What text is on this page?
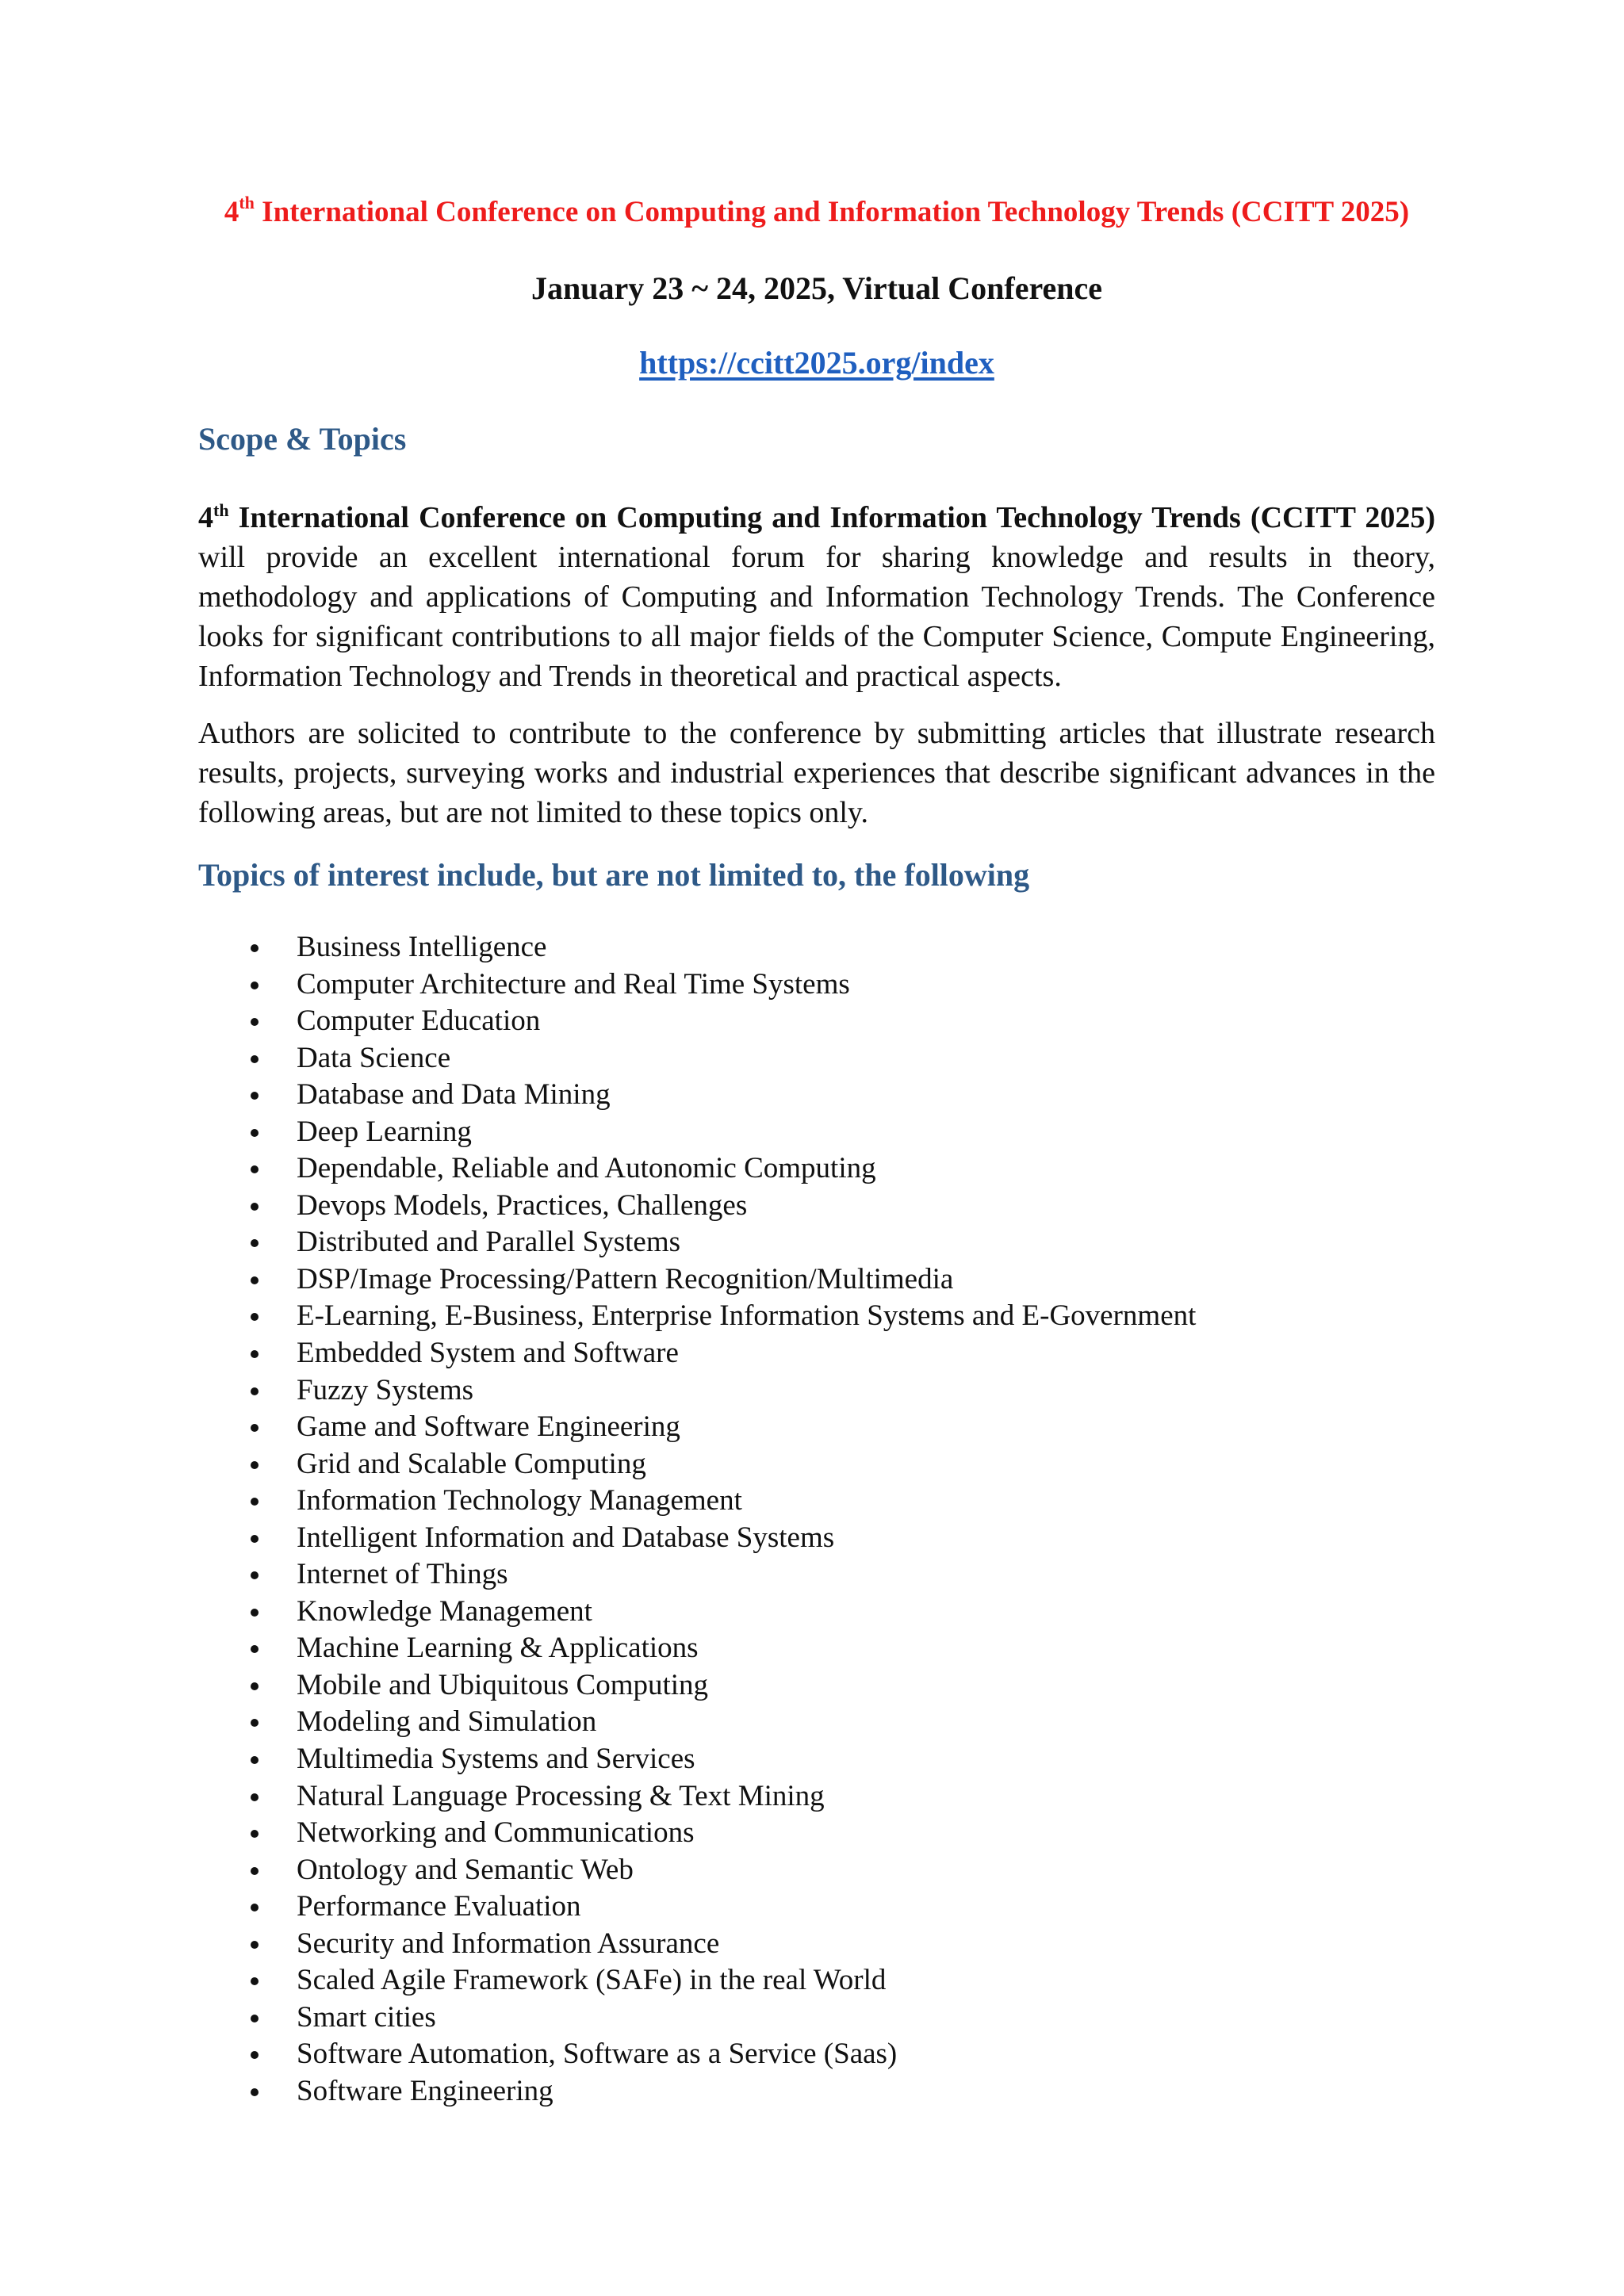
4th International Conference on Computing and Information Technology Trends (CCITT 2025)
January 23 ~ 24, 2025, Virtual Conference
https://ccitt2025.org/index
Scope & Topics

4th International Conference on Computing and Information Technology Trends (CCITT 2025) will provide an excellent international forum for sharing knowledge and results in theory, methodology and applications of Computing and Information Technology Trends. The Conference looks for significant contributions to all major fields of the Computer Science, Compute Engineering, Information Technology and Trends in theoretical and practical aspects.

Authors are solicited to contribute to the conference by submitting articles that illustrate research results, projects, surveying works and industrial experiences that describe significant advances in the following areas, but are not limited to these topics only.

Topics of interest include, but are not limited to, the following
Business Intelligence
Computer Architecture and Real Time Systems
Computer Education
Data Science
Database and Data Mining
Deep Learning
Dependable, Reliable and Autonomic Computing
Devops Models, Practices, Challenges
Distributed and Parallel Systems
DSP/Image Processing/Pattern Recognition/Multimedia
E-Learning, E-Business, Enterprise Information Systems and E-Government
Embedded System and Software
Fuzzy Systems
Game and Software Engineering
Grid and Scalable Computing
Information Technology Management
Intelligent Information and Database Systems
Internet of Things
Knowledge Management
Machine Learning & Applications
Mobile and Ubiquitous Computing
Modeling and Simulation
Multimedia Systems and Services
Natural Language Processing & Text Mining
Networking and Communications
Ontology and Semantic Web
Performance Evaluation
Security and Information Assurance
Scaled Agile Framework (SAFe) in the real World
Smart cities
Software Automation, Software as a Service (Saas)
Software Engineering
